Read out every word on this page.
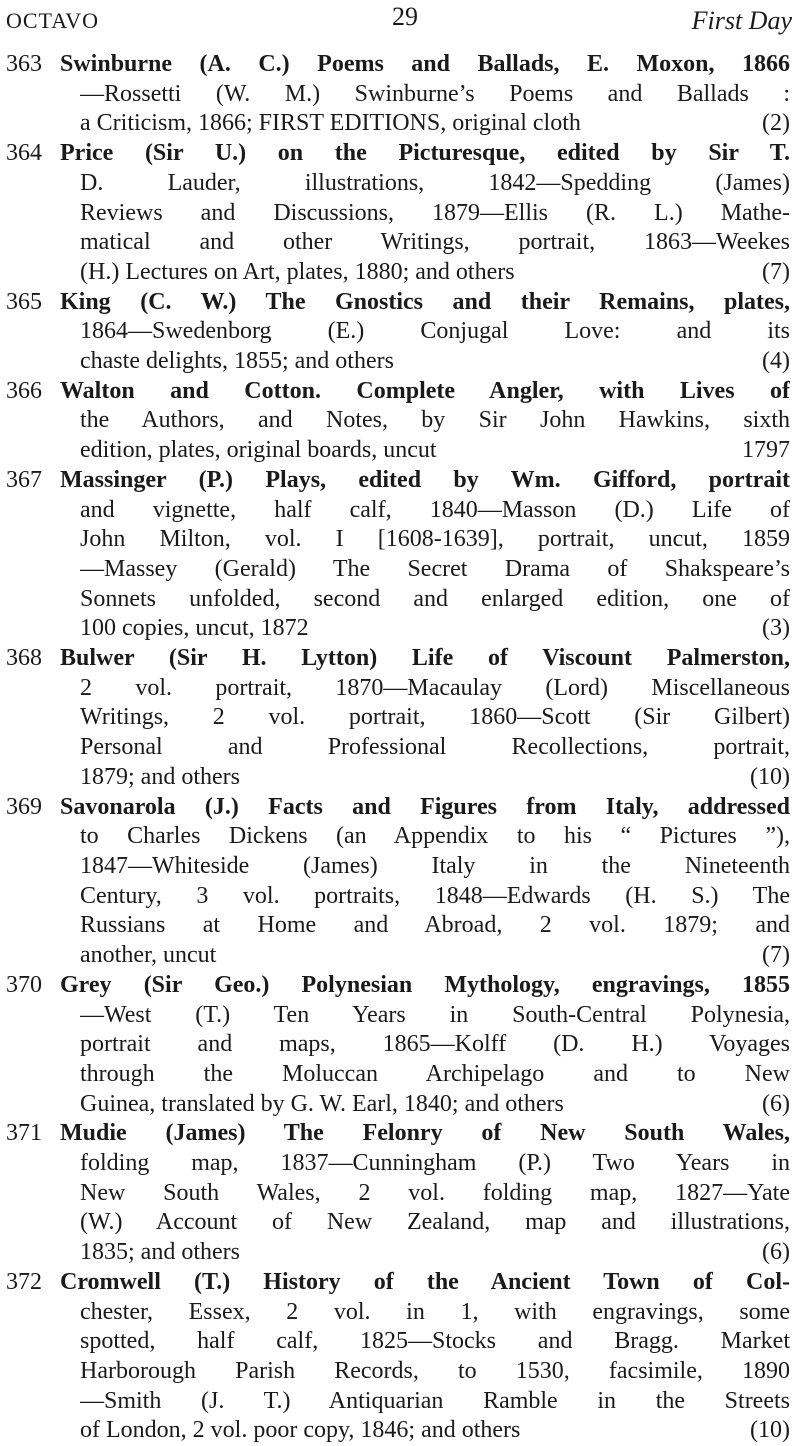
OCTAVO	29	First Day
363 Swinburne (A. C.) Poems and Ballads, E. Moxon, 1866
—Rossetti (W. M.) Swinburne’s Poems and Ballads :
a Criticism, 1866; FIRST EDITIONS, original cloth	(2)
364 Price (Sir U.) on the Picturesque, edited by Sir T.
D. Lauder, illustrations, 1842—Spedding (James)
Reviews and Discussions, 1879—Ellis (R. L.) Mathe-
matical and other Writings, portrait, 1863—Weekes
(H.) Lectures on Art, plates, 1880; and others	(7)
365 King (C. W.) The Gnostics and their Remains, plates,
1864—Swedenborg (E.) Conjugal Love: and its
chaste delights, 1855; and others	(4)
366 Walton and Cotton. Complete Angler, with Lives of
the Authors, and Notes, by Sir John Hawkins, sixth
edition, plates, original boards, uncut	1797
367 Massinger (P.) Plays, edited by Wm. Gifford, portrait
and vignette, half calf, 1840—Masson (D.) Life of
John Milton, vol. I [1608-1639], portrait, uncut, 1859
—Massey (Gerald) The Secret Drama of Shakspeare’s
Sonnets unfolded, second and enlarged edition, one of
100 copies, uncut, 1872	(3)
368 Bulwer (Sir H. Lytton) Life of Viscount Palmerston,
2 vol. portrait, 1870—Macaulay (Lord) Miscellaneous
Writings, 2 vol. portrait, 1860—Scott (Sir Gilbert)
Personal and Professional Recollections, portrait,
1879; and others	(10)
369 Savonarola (J.) Facts and Figures from Italy, addressed
to Charles Dickens (an Appendix to his “ Pictures ”),
1847—Whiteside (James) Italy in the Nineteenth
Century, 3 vol. portraits, 1848—Edwards (H. S.) The
Russians at Home and Abroad, 2 vol. 1879; and
another, uncut	(7)
370 Grey (Sir Geo.) Polynesian Mythology, engravings, 1855
—West (T.) Ten Years in South-Central Polynesia,
portrait and maps, 1865—Kolff (D. H.) Voyages
through the Moluccan Archipelago and to New
Guinea, translated by G. W. Earl, 1840; and others	(6)
371 Mudie (James) The Felonry of New South Wales,
folding map, 1837—Cunningham (P.) Two Years in
New South Wales, 2 vol. folding map, 1827—Yate
(W.) Account of New Zealand, map and illustrations,
1835; and others	(6)
372 Cromwell (T.) History of the Ancient Town of Col-
chester, Essex, 2 vol. in 1, with engravings, some
spotted, half calf, 1825—Stocks and Bragg. Market
Harborough Parish Records, to 1530, facsimile, 1890
—Smith (J. T.) Antiquarian Ramble in the Streets
of London, 2 vol. poor copy, 1846; and others	(10)
